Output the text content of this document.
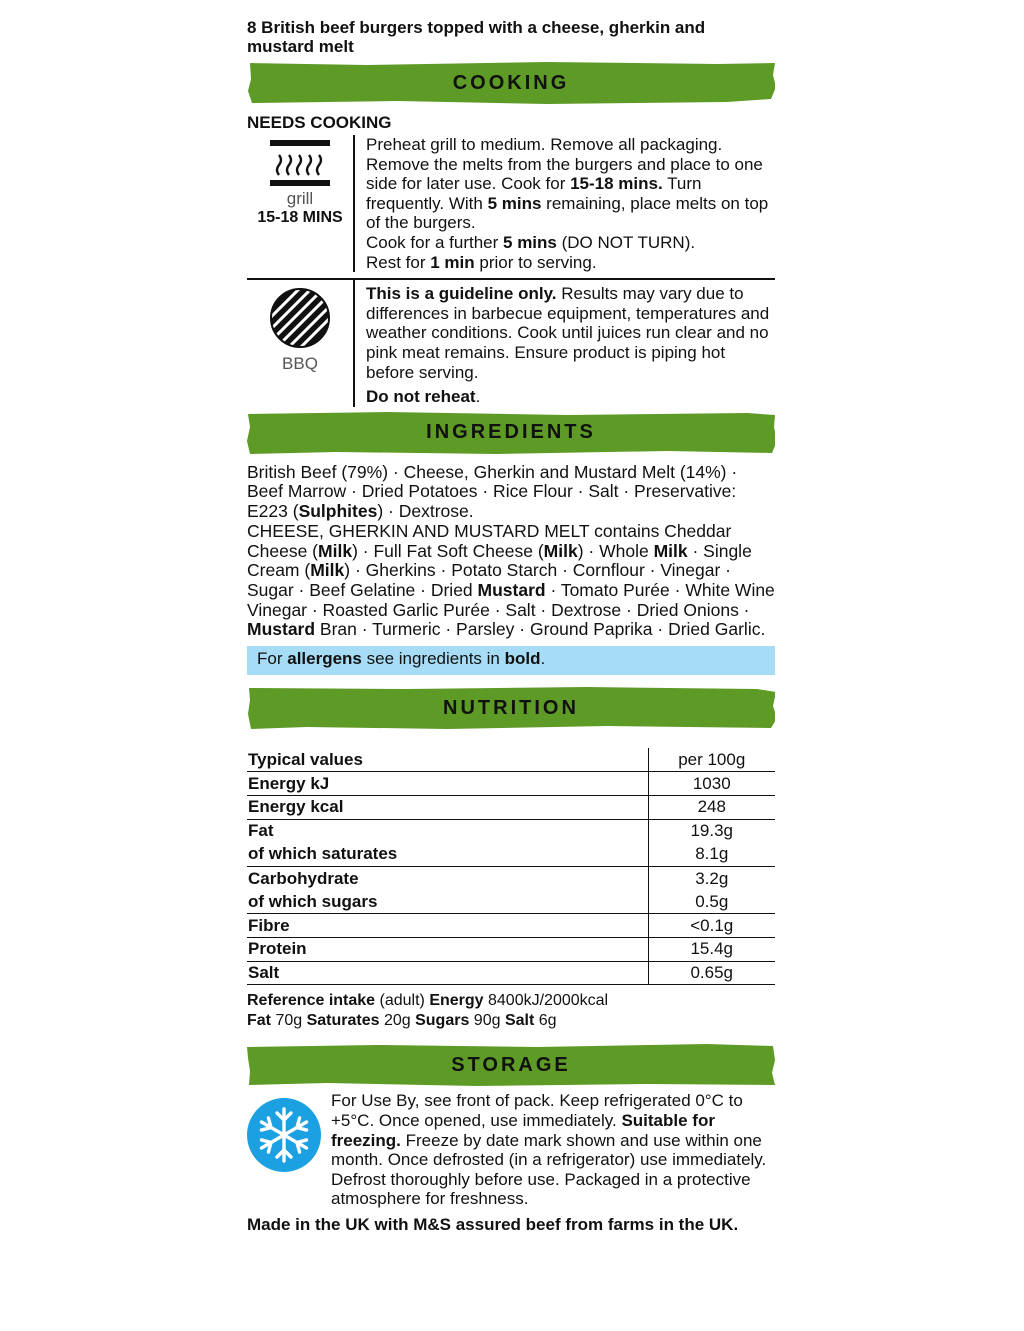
8 British beef burgers topped with a cheese, gherkin and mustard melt
COOKING
NEEDS COOKING
grill
15-18 MINS
Preheat grill to medium. Remove all packaging. Remove the melts from the burgers and place to one side for later use. Cook for 15-18 mins. Turn frequently. With 5 mins remaining, place melts on top of the burgers.
Cook for a further 5 mins (DO NOT TURN).
Rest for 1 min prior to serving.
BBQ
This is a guideline only. Results may vary due to differences in barbecue equipment, temperatures and weather conditions. Cook until juices run clear and no pink meat remains. Ensure product is piping hot before serving.
Do not reheat.
INGREDIENTS
British Beef (79%) · Cheese, Gherkin and Mustard Melt (14%) · Beef Marrow · Dried Potatoes · Rice Flour · Salt · Preservative: E223 (Sulphites) · Dextrose.
CHEESE, GHERKIN AND MUSTARD MELT contains Cheddar Cheese (Milk) · Full Fat Soft Cheese (Milk) · Whole Milk · Single Cream (Milk) · Gherkins · Potato Starch · Cornflour · Vinegar · Sugar · Beef Gelatine · Dried Mustard · Tomato Purée · White Wine Vinegar · Roasted Garlic Purée · Salt · Dextrose · Dried Onions · Mustard Bran · Turmeric · Parsley · Ground Paprika · Dried Garlic.
For allergens see ingredients in bold.
NUTRITION
Typical values	per 100g
Energy kJ	1030
Energy kcal	248
Fat	19.3g
of which saturates	8.1g
Carbohydrate	3.2g
of which sugars	0.5g
Fibre	<0.1g
Protein	15.4g
Salt	0.65g
Reference intake (adult) Energy 8400kJ/2000kcal
Fat 70g Saturates 20g Sugars 90g Salt 6g
STORAGE
For Use By, see front of pack. Keep refrigerated 0°C to +5°C. Once opened, use immediately. Suitable for freezing. Freeze by date mark shown and use within one month. Once defrosted (in a refrigerator) use immediately. Defrost thoroughly before use. Packaged in a protective atmosphere for freshness.
Made in the UK with M&S assured beef from farms in the UK.
